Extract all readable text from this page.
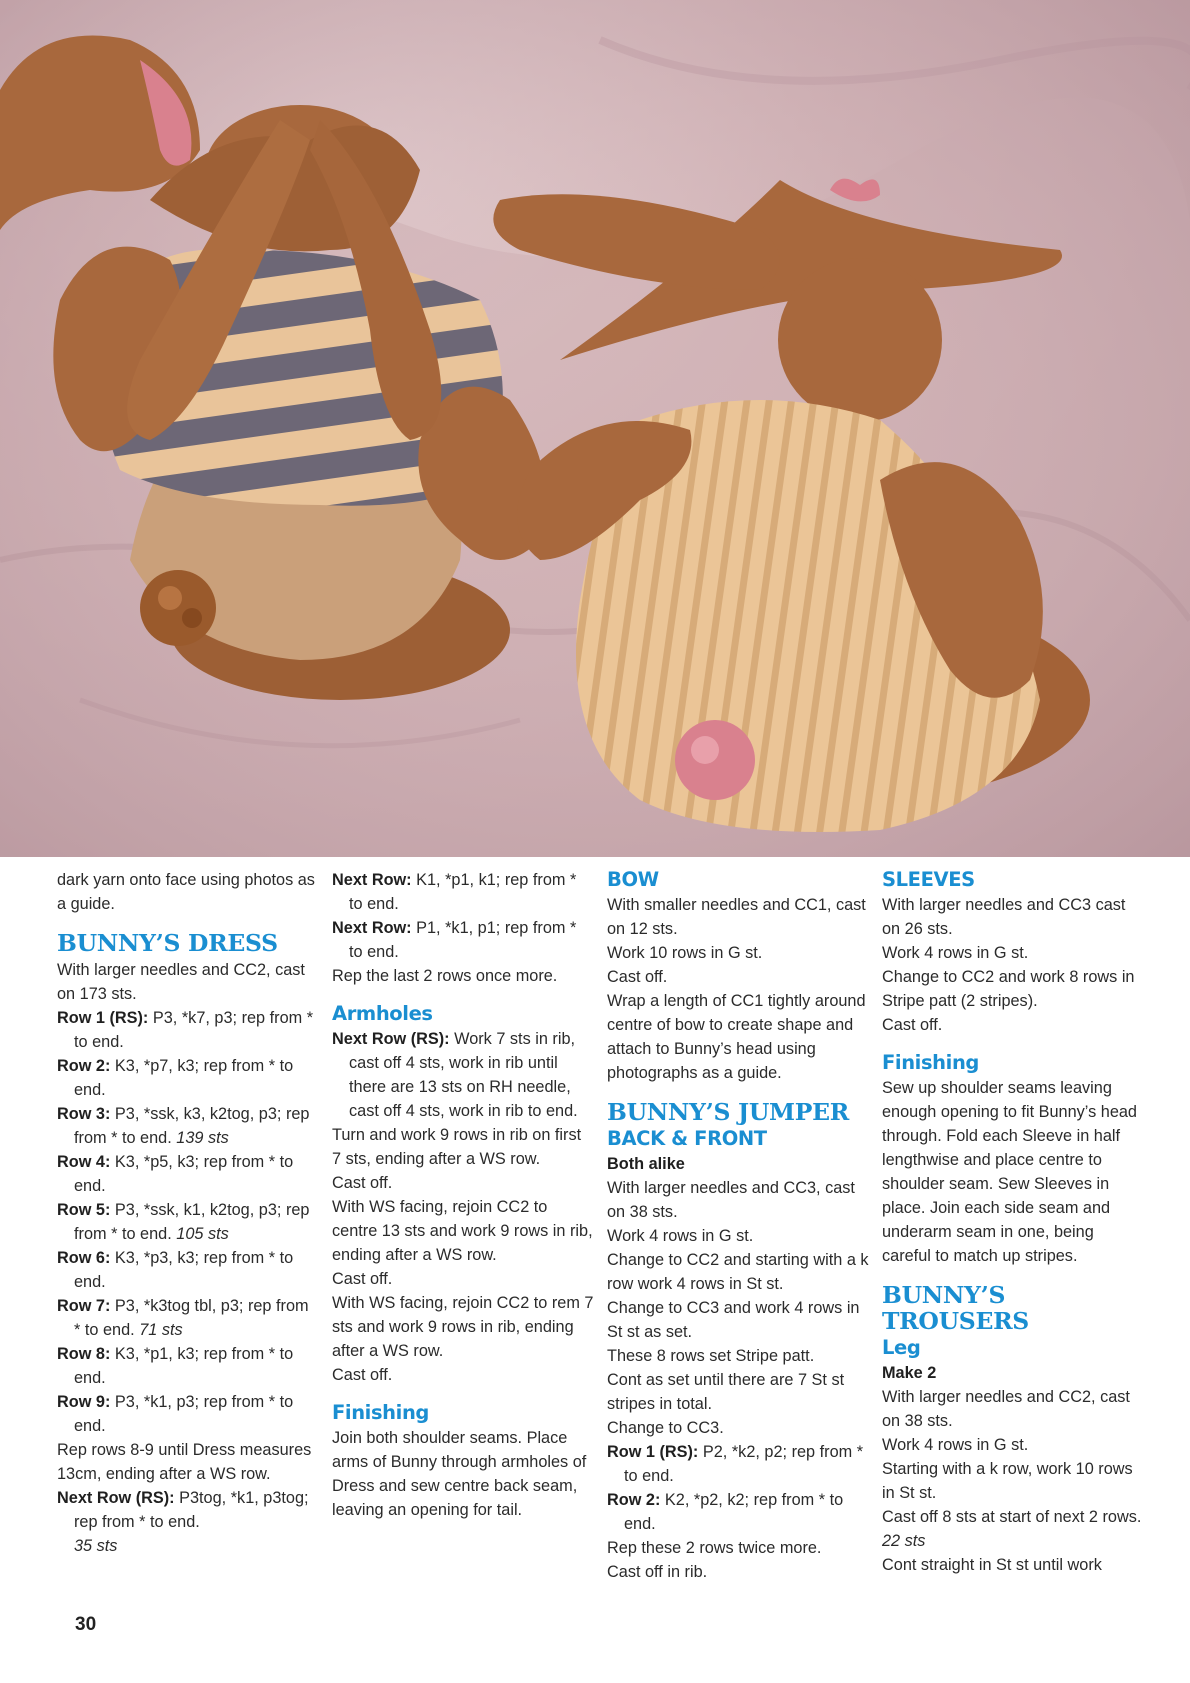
dark yarn onto face using photos as a guide.

BUNNY’S DRESS

With larger needles and CC2, cast on 173 sts.

Row 1 (RS): P3, *k7, p3; rep from * to end.

Row 2: K3, *p7, k3; rep from * to end.

Row 3: P3, *ssk, k3, k2tog, p3; rep from * to end. 139 sts

Row 4: K3, *p5, k3; rep from * to end.

Row 5: P3, *ssk, k1, k2tog, p3; rep from * to end. 105 sts

Row 6: K3, *p3, k3; rep from * to end.

Row 7: P3, *k3tog tbl, p3; rep from * to end. 71 sts

Row 8: K3, *p1, k3; rep from * to end.

Row 9: P3, *k1, p3; rep from * to end.

Rep rows 8-9 until Dress measures 13cm, ending after a WS row.

Next Row (RS): P3tog, *k1, p3tog; rep from * to end.
35 sts

Next Row: K1, *p1, k1; rep from * to end.

Next Row: P1, *k1, p1; rep from * to end.

Rep the last 2 rows once more.

Armholes

Next Row (RS): Work 7 sts in rib, cast off 4 sts, work in rib until there are 13 sts on RH needle, cast off 4 sts, work in rib to end.

Turn and work 9 rows in rib on first 7 sts, ending after a WS row.

Cast off.

With WS facing, rejoin CC2 to centre 13 sts and work 9 rows in rib, ending after a WS row.

Cast off.

With WS facing, rejoin CC2 to rem 7 sts and work 9 rows in rib, ending after a WS row.

Cast off.

Finishing

Join both shoulder seams. Place arms of Bunny through armholes of Dress and sew centre back seam, leaving an opening for tail.

BOW

With smaller needles and CC1, cast on 12 sts.

Work 10 rows in G st.

Cast off.

Wrap a length of CC1 tightly around centre of bow to create shape and attach to Bunny’s head using photographs as a guide.

BUNNY’S JUMPER
BACK & FRONT

Both alike

With larger needles and CC3, cast on 38 sts.

Work 4 rows in G st.

Change to CC2 and starting with a k row work 4 rows in St st.

Change to CC3 and work 4 rows in St st as set.

These 8 rows set Stripe patt.

Cont as set until there are 7 St st stripes in total.

Change to CC3.

Row 1 (RS): P2, *k2, p2; rep from * to end.

Row 2: K2, *p2, k2; rep from * to end.

Rep these 2 rows twice more.

Cast off in rib.

SLEEVES

With larger needles and CC3 cast on 26 sts.

Work 4 rows in G st.

Change to CC2 and work 8 rows in Stripe patt (2 stripes).

Cast off.

Finishing

Sew up shoulder seams leaving enough opening to fit Bunny’s head through. Fold each Sleeve in half lengthwise and place centre to shoulder seam. Sew Sleeves in place. Join each side seam and underarm seam in one, being careful to match up stripes.

BUNNY’S TROUSERS
Leg

Make 2

With larger needles and CC2, cast on 38 sts.

Work 4 rows in G st.

Starting with a k row, work 10 rows in St st.

Cast off 8 sts at start of next 2 rows. 22 sts

Cont straight in St st until work

30
